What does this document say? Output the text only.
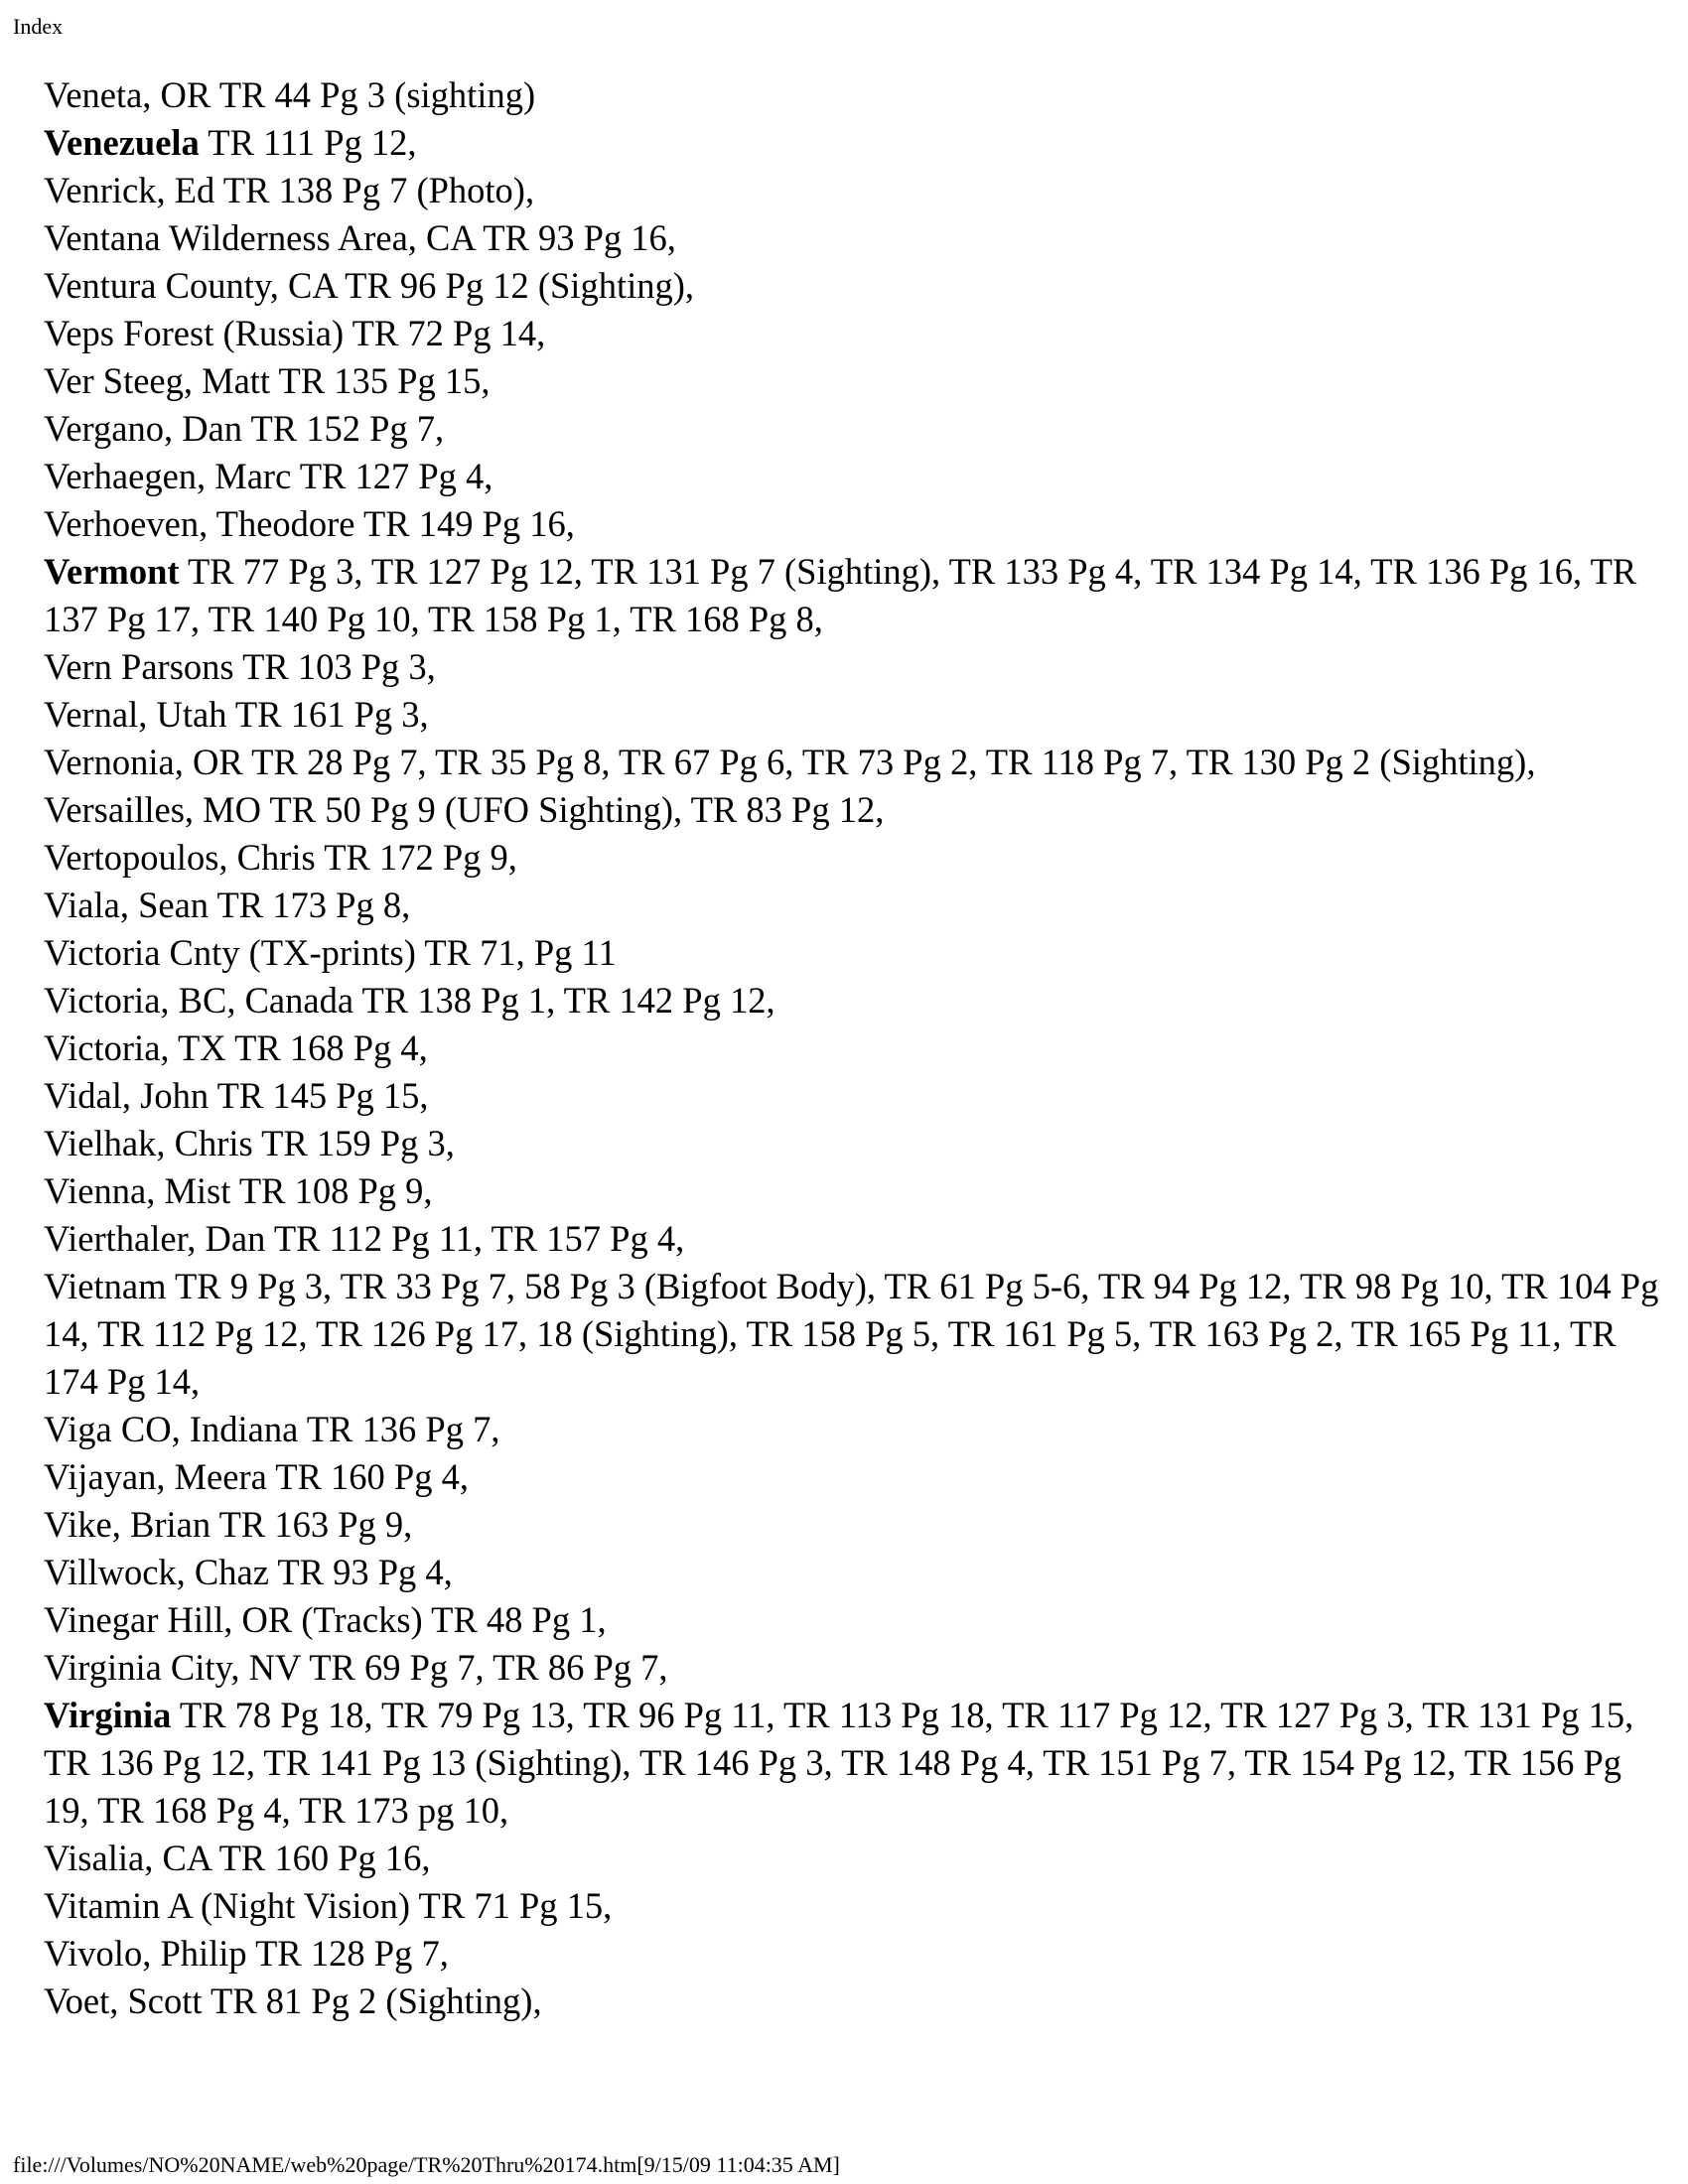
Index
Veneta, OR TR 44 Pg 3 (sighting)
Venezuela TR 111 Pg 12,
Venrick, Ed TR 138 Pg 7 (Photo),
Ventana Wilderness Area, CA TR 93 Pg 16,
Ventura County, CA TR 96 Pg 12 (Sighting),
Veps Forest (Russia) TR 72 Pg 14,
Ver Steeg, Matt TR 135 Pg 15,
Vergano, Dan TR 152 Pg 7,
Verhaegen, Marc TR 127 Pg 4,
Verhoeven, Theodore TR 149 Pg 16,
Vermont TR 77 Pg 3, TR 127 Pg 12, TR 131 Pg 7 (Sighting), TR 133 Pg 4, TR 134 Pg 14, TR 136 Pg 16, TR 137 Pg 17, TR 140 Pg 10, TR 158 Pg 1, TR 168 Pg 8,
Vern Parsons TR 103 Pg 3,
Vernal, Utah TR 161 Pg 3,
Vernonia, OR TR 28 Pg 7, TR 35 Pg 8, TR 67 Pg 6, TR 73 Pg 2, TR 118 Pg 7, TR 130 Pg 2 (Sighting),
Versailles, MO TR 50 Pg 9 (UFO Sighting), TR 83 Pg 12,
Vertopoulos, Chris TR 172 Pg 9,
Viala, Sean TR 173 Pg 8,
Victoria Cnty (TX-prints) TR 71, Pg 11
Victoria, BC, Canada TR 138 Pg 1, TR 142 Pg 12,
Victoria, TX TR 168 Pg 4,
Vidal, John TR 145 Pg 15,
Vielhak, Chris TR 159 Pg 3,
Vienna, Mist TR 108 Pg 9,
Vierthaler, Dan TR 112 Pg 11, TR 157 Pg 4,
Vietnam TR 9 Pg 3, TR 33 Pg 7, 58 Pg 3 (Bigfoot Body), TR 61 Pg 5-6, TR 94 Pg 12, TR 98 Pg 10, TR 104 Pg 14, TR 112 Pg 12, TR 126 Pg 17, 18 (Sighting), TR 158 Pg 5, TR 161 Pg 5, TR 163 Pg 2, TR 165 Pg 11, TR 174 Pg 14,
Viga CO, Indiana TR 136 Pg 7,
Vijayan, Meera TR 160 Pg 4,
Vike, Brian TR 163 Pg 9,
Villwock, Chaz TR 93 Pg 4,
Vinegar Hill, OR (Tracks) TR 48 Pg 1,
Virginia City, NV TR 69 Pg 7, TR 86 Pg 7,
Virginia TR 78 Pg 18, TR 79 Pg 13, TR 96 Pg 11, TR 113 Pg 18, TR 117 Pg 12, TR 127 Pg 3, TR 131 Pg 15, TR 136 Pg 12, TR 141 Pg 13 (Sighting), TR 146 Pg 3, TR 148 Pg 4, TR 151 Pg 7, TR 154 Pg 12, TR 156 Pg 19, TR 168 Pg 4, TR 173 pg 10,
Visalia, CA TR 160 Pg 16,
Vitamin A (Night Vision) TR 71 Pg 15,
Vivolo, Philip TR 128 Pg 7,
Voet, Scott TR 81 Pg 2 (Sighting),
file:///Volumes/NO%20NAME/web%20page/TR%20Thru%20174.htm[9/15/09 11:04:35 AM]
